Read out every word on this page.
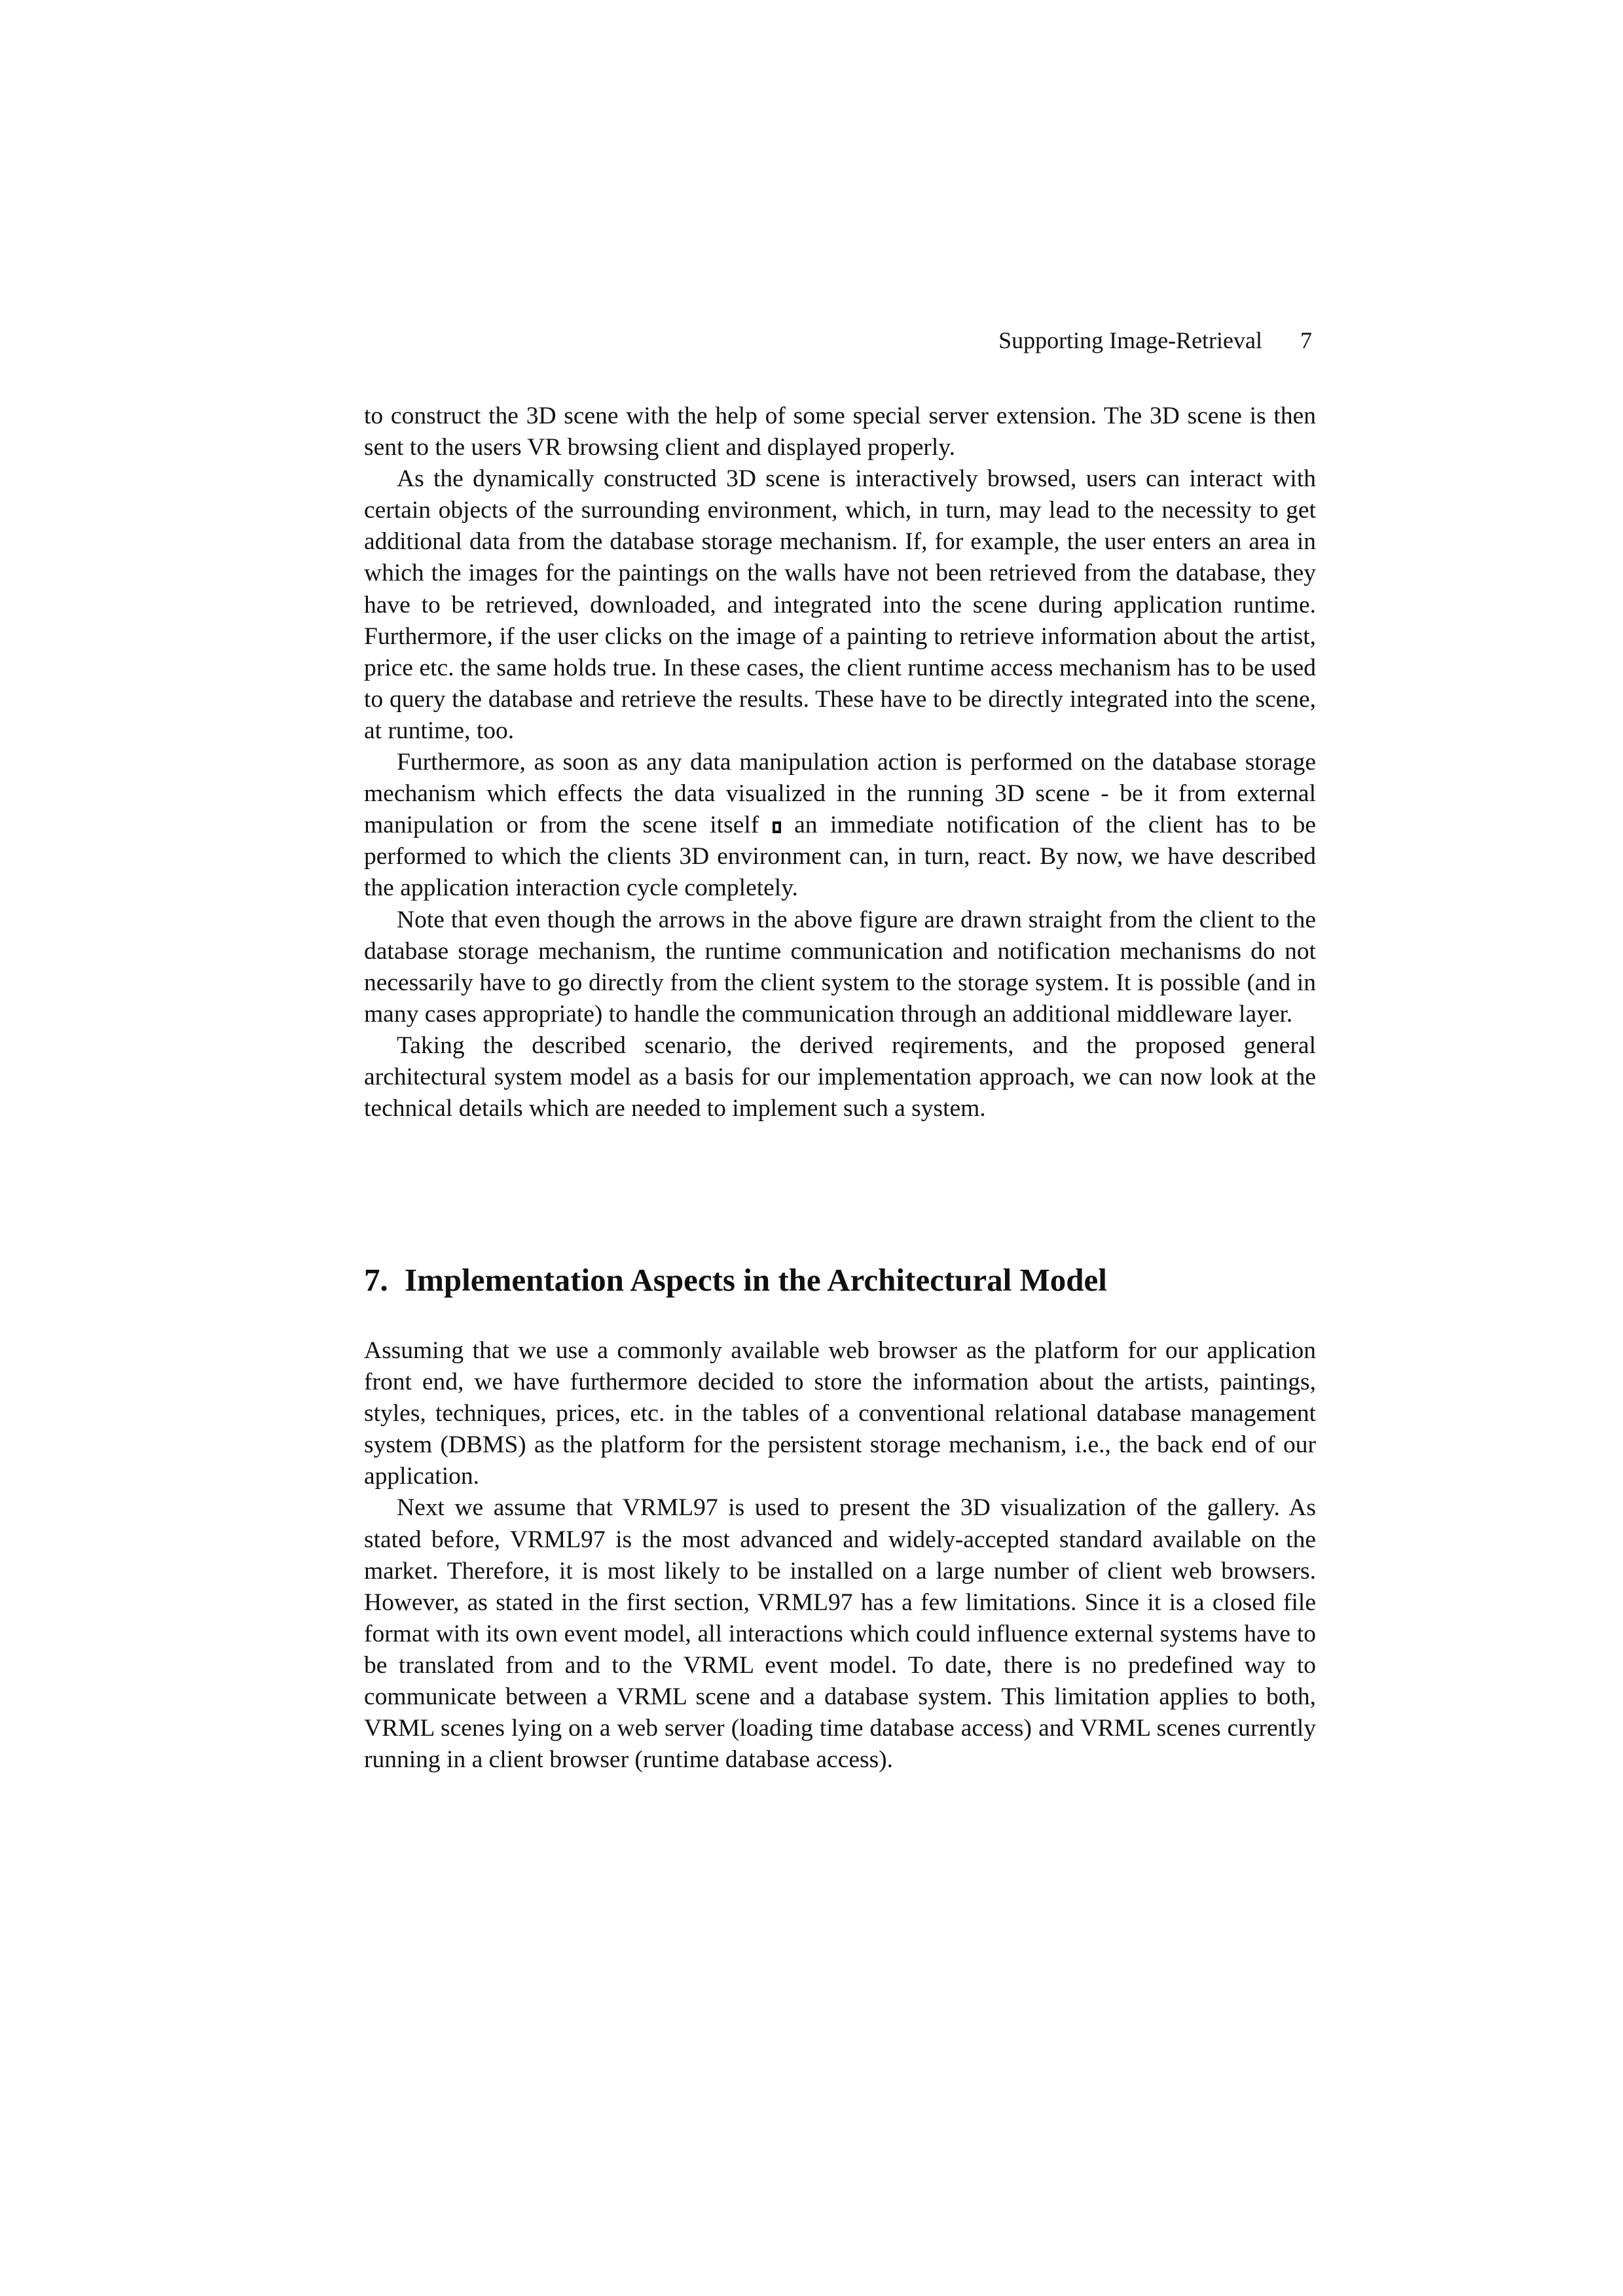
Supporting Image-Retrieval 7

to construct the 3D scene with the help of some special server extension. The 3D scene is then sent to the users VR browsing client and displayed properly.

As the dynamically constructed 3D scene is interactively browsed, users can interact with certain objects of the surrounding environment, which, in turn, may lead to the necessity to get additional data from the database storage mechanism. If, for example, the user enters an area in which the images for the paintings on the walls have not been retrieved from the database, they have to be retrieved, downloaded, and integrated into the scene during application runtime. Furthermore, if the user clicks on the image of a painting to retrieve information about the artist, price etc. the same holds true. In these cases, the client runtime access mechanism has to be used to query the database and retrieve the results. These have to be directly integrated into the scene, at runtime, too.

Furthermore, as soon as any data manipulation action is performed on the database storage mechanism which effects the data visualized in the running 3D scene - be it from external manipulation or from the scene itself an immediate notification of the client has to be performed to which the clients 3D environment can, in turn, react. By now, we have described the application interaction cycle completely.

Note that even though the arrows in the above figure are drawn straight from the client to the database storage mechanism, the runtime communication and notification mechanisms do not necessarily have to go directly from the client system to the storage system. It is possible (and in many cases appropriate) to handle the communication through an additional middleware layer.

Taking the described scenario, the derived reqirements, and the proposed general architectural system model as a basis for our implementation approach, we can now look at the technical details which are needed to implement such a system.

7. Implementation Aspects in the Architectural Model

Assuming that we use a commonly available web browser as the platform for our application front end, we have furthermore decided to store the information about the artists, paintings, styles, techniques, prices, etc. in the tables of a conventional relational database management system (DBMS) as the platform for the persistent storage mechanism, i.e., the back end of our application.

Next we assume that VRML97 is used to present the 3D visualization of the gallery. As stated before, VRML97 is the most advanced and widely-accepted standard available on the market. Therefore, it is most likely to be installed on a large number of client web browsers. However, as stated in the first section, VRML97 has a few limitations. Since it is a closed file format with its own event model, all interactions which could influence external systems have to be translated from and to the VRML event model. To date, there is no predefined way to communicate between a VRML scene and a database system. This limitation applies to both, VRML scenes lying on a web server (loading time database access) and VRML scenes currently running in a client browser (runtime database access).
